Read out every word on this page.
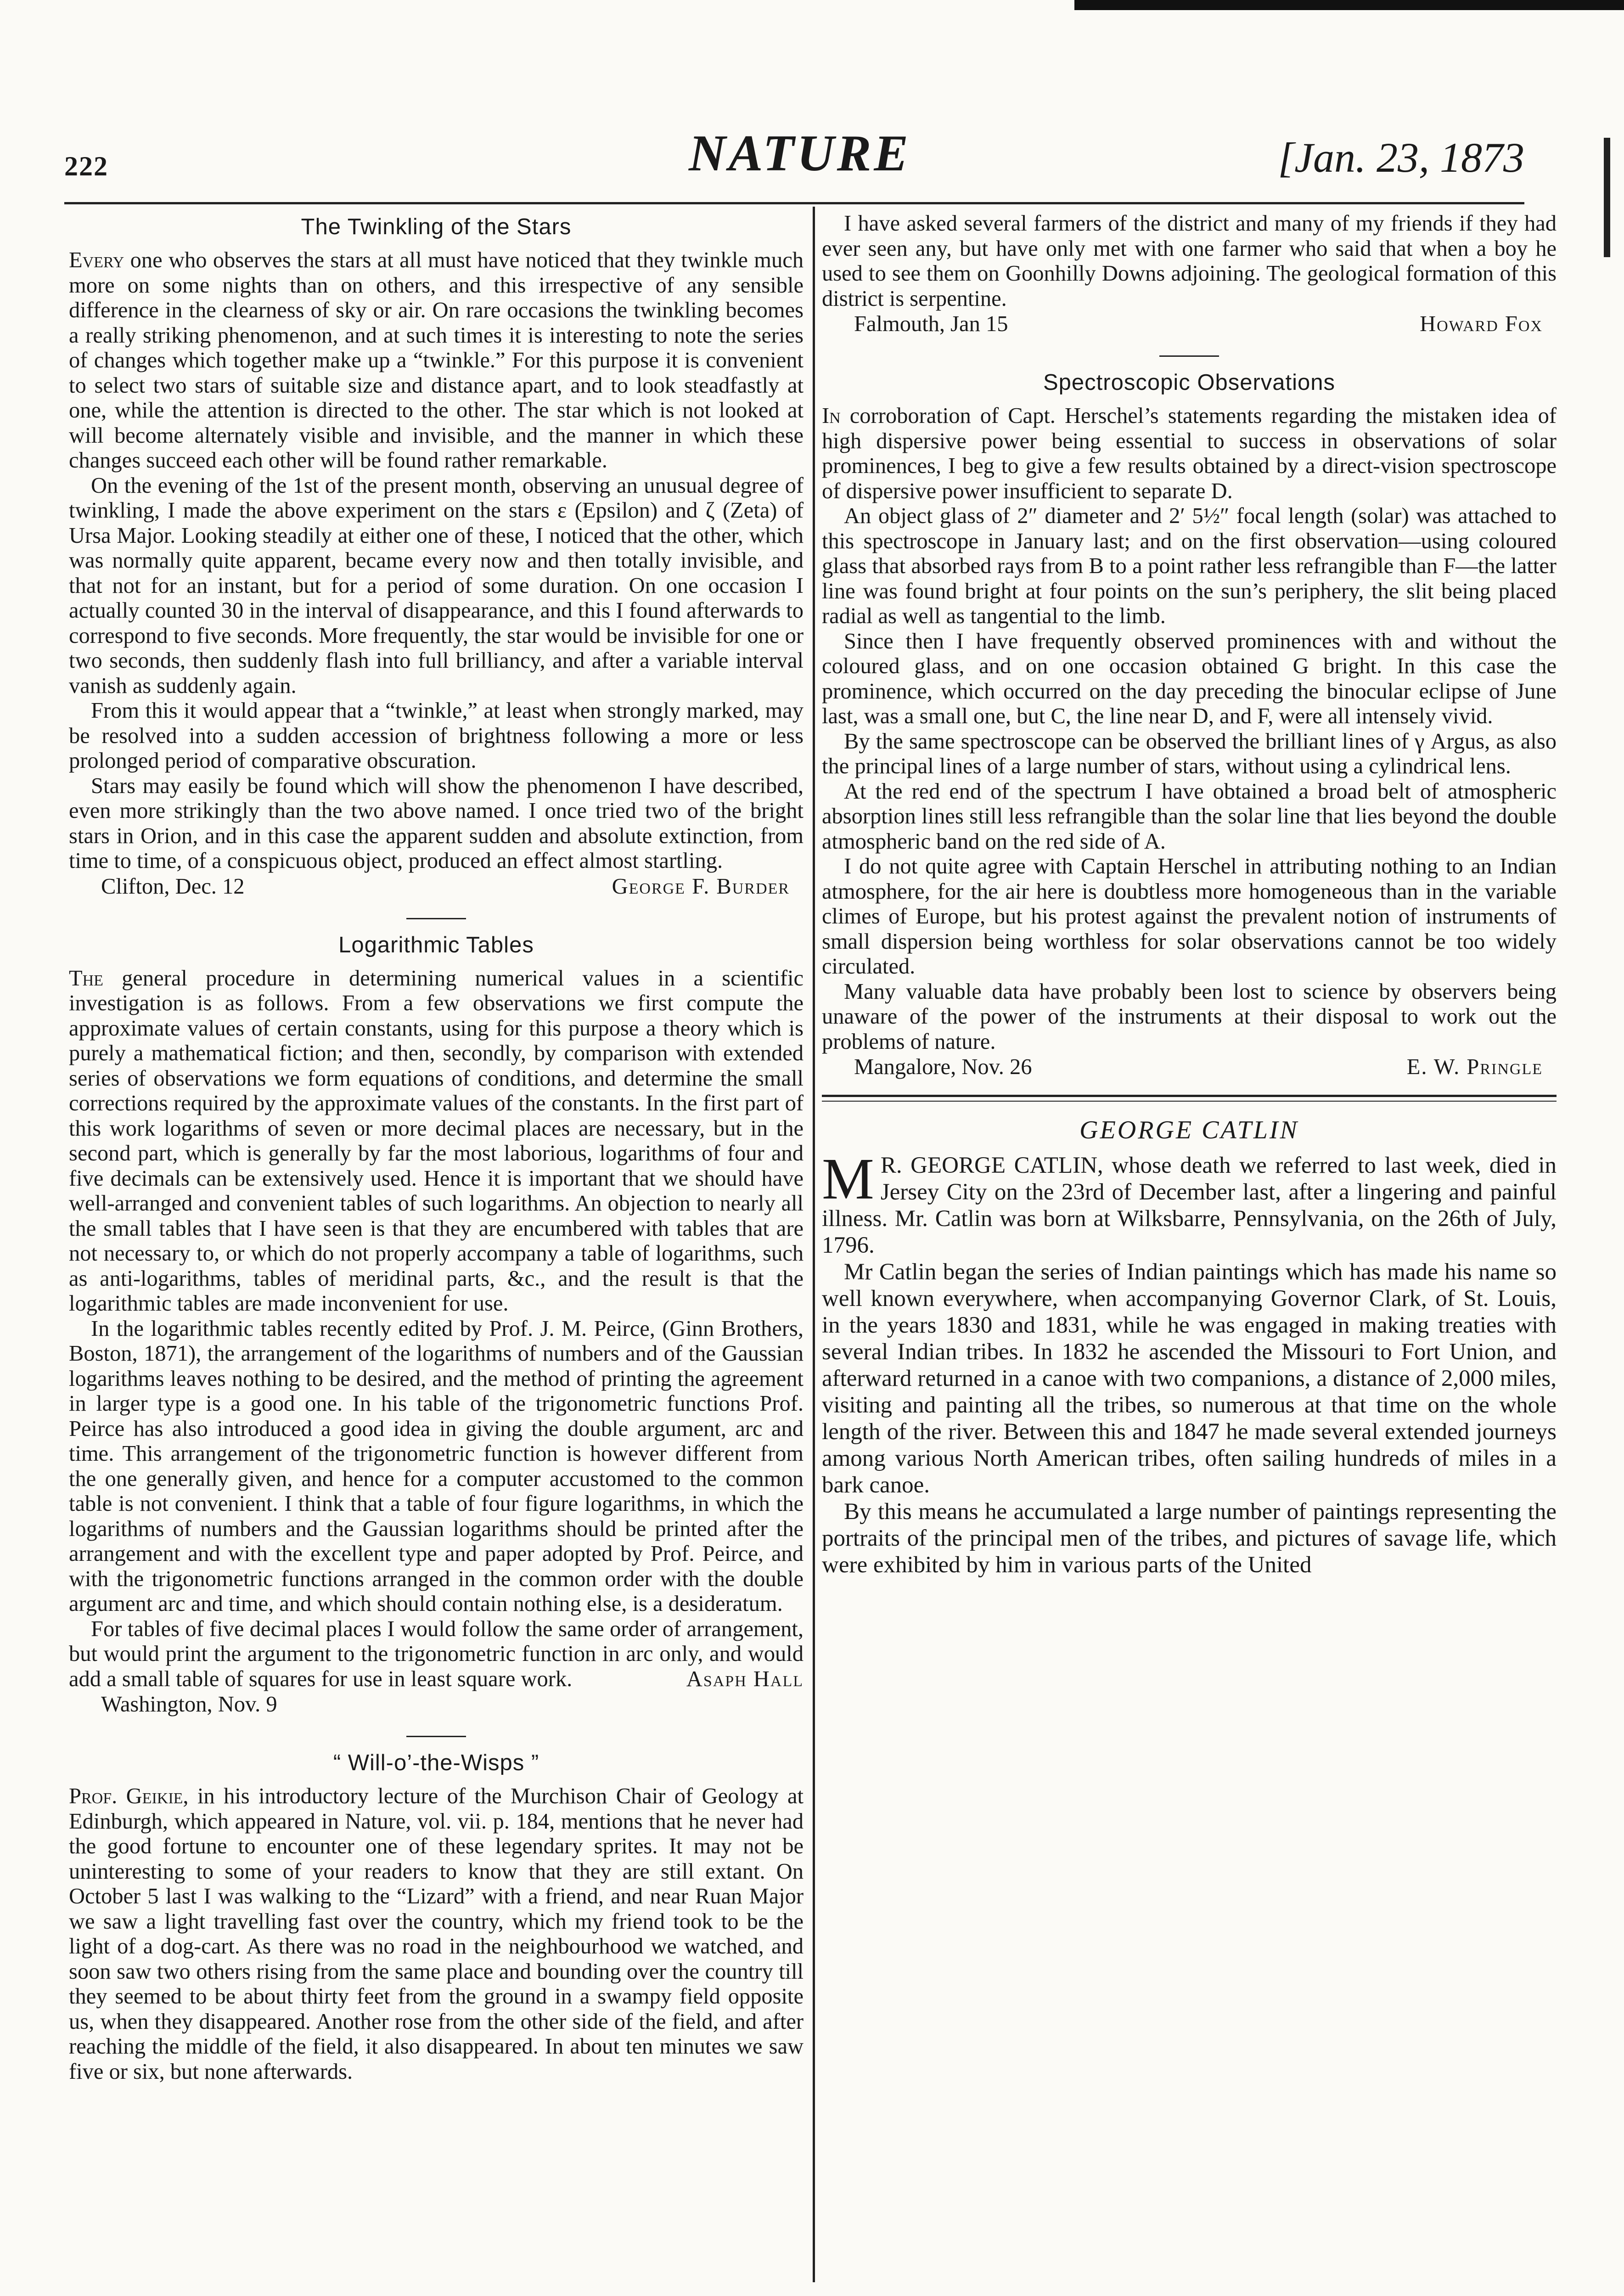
222	NATURE	[Jan. 23, 1873
The Twinkling of the Stars

Every one who observes the stars at all must have noticed that they twinkle much more on some nights than on others, and this irrespective of any sensible difference in the clearness of sky or air. On rare occasions the twinkling becomes a really striking phenomenon, and at such times it is interesting to note the series of changes which together make up a “twinkle.” For this purpose it is convenient to select two stars of suitable size and distance apart, and to look steadfastly at one, while the attention is directed to the other. The star which is not looked at will become alternately visible and invisible, and the manner in which these changes succeed each other will be found rather remarkable.

On the evening of the 1st of the present month, observing an unusual degree of twinkling, I made the above experiment on the stars ε (Epsilon) and ζ (Zeta) of Ursa Major. Looking steadily at either one of these, I noticed that the other, which was normally quite apparent, became every now and then totally invisible, and that not for an instant, but for a period of some duration. On one occasion I actually counted 30 in the interval of disappearance, and this I found afterwards to correspond to five seconds. More frequently, the star would be invisible for one or two seconds, then suddenly flash into full brilliancy, and after a variable interval vanish as suddenly again.

From this it would appear that a “twinkle,” at least when strongly marked, may be resolved into a sudden accession of brightness following a more or less prolonged period of comparative obscuration.

Stars may easily be found which will show the phenomenon I have described, even more strikingly than the two above named. I once tried two of the bright stars in Orion, and in this case the apparent sudden and absolute extinction, from time to time, of a conspicuous object, produced an effect almost startling.

Clifton, Dec. 12	George F. Burder
Logarithmic Tables

The general procedure in determining numerical values in a scientific investigation is as follows. From a few observations we first compute the approximate values of certain constants, using for this purpose a theory which is purely a mathematical fiction; and then, secondly, by comparison with extended series of observations we form equations of conditions, and determine the small corrections required by the approximate values of the constants. In the first part of this work logarithms of seven or more decimal places are necessary, but in the second part, which is generally by far the most laborious, logarithms of four and five decimals can be extensively used. Hence it is important that we should have well-arranged and convenient tables of such logarithms. An objection to nearly all the small tables that I have seen is that they are encumbered with tables that are not necessary to, or which do not properly accompany a table of logarithms, such as anti-logarithms, tables of meridinal parts, &c., and the result is that the logarithmic tables are made inconvenient for use.

In the logarithmic tables recently edited by Prof. J. M. Peirce, (Ginn Brothers, Boston, 1871), the arrangement of the logarithms of numbers and of the Gaussian logarithms leaves nothing to be desired, and the method of printing the agreement in larger type is a good one. In his table of the trigonometric functions Prof. Peirce has also introduced a good idea in giving the double argument, arc and time. This arrangement of the trigonometric function is however different from the one generally given, and hence for a computer accustomed to the common table is not convenient. I think that a table of four figure logarithms, in which the logarithms of numbers and the Gaussian logarithms should be printed after the arrangement and with the excellent type and paper adopted by Prof. Peirce, and with the trigonometric functions arranged in the common order with the double argument arc and time, and which should contain nothing else, is a desideratum.

For tables of five decimal places I would follow the same order of arrangement, but would print the argument to the trigonometric function in arc only, and would add a small table of squares for use in least square work.	Asaph Hall

Washington, Nov. 9
“ Will-o’-the-Wisps ”

Prof. Geikie, in his introductory lecture of the Murchison Chair of Geology at Edinburgh, which appeared in Nature, vol. vii. p. 184, mentions that he never had the good fortune to encounter one of these legendary sprites. It may not be uninteresting to some of your readers to know that they are still extant. On October 5 last I was walking to the “Lizard” with a friend, and near Ruan Major we saw a light travelling fast over the country, which my friend took to be the light of a dog-cart. As there was no road in the neighbourhood we watched, and soon saw two others rising from the same place and bounding over the country till they seemed to be about thirty feet from the ground in a swampy field opposite us, when they disappeared. Another rose from the other side of the field, and after reaching the middle of the field, it also disappeared. In about ten minutes we saw five or six, but none afterwards.

I have asked several farmers of the district and many of my friends if they had ever seen any, but have only met with one farmer who said that when a boy he used to see them on Goonhilly Downs adjoining. The geological formation of this district is serpentine.

Falmouth, Jan 15	Howard Fox
Spectroscopic Observations

In corroboration of Capt. Herschel’s statements regarding the mistaken idea of high dispersive power being essential to success in observations of solar prominences, I beg to give a few results obtained by a direct-vision spectroscope of dispersive power insufficient to separate D.

An object glass of 2″ diameter and 2′ 5½″ focal length (solar) was attached to this spectroscope in January last; and on the first observation—using coloured glass that absorbed rays from B to a point rather less refrangible than F—the latter line was found bright at four points on the sun’s periphery, the slit being placed radial as well as tangential to the limb.

Since then I have frequently observed prominences with and without the coloured glass, and on one occasion obtained G bright. In this case the prominence, which occurred on the day preceding the binocular eclipse of June last, was a small one, but C, the line near D, and F, were all intensely vivid.

By the same spectroscope can be observed the brilliant lines of γ Argus, as also the principal lines of a large number of stars, without using a cylindrical lens.

At the red end of the spectrum I have obtained a broad belt of atmospheric absorption lines still less refrangible than the solar line that lies beyond the double atmospheric band on the red side of A.

I do not quite agree with Captain Herschel in attributing nothing to an Indian atmosphere, for the air here is doubtless more homogeneous than in the variable climes of Europe, but his protest against the prevalent notion of instruments of small dispersion being worthless for solar observations cannot be too widely circulated.

Many valuable data have probably been lost to science by observers being unaware of the power of the instruments at their disposal to work out the problems of nature.

Mangalore, Nov. 26	E. W. Pringle
GEORGE CATLIN

M R. GEORGE CATLIN, whose death we referred to last week, died in Jersey City on the 23rd of December last, after a lingering and painful illness. Mr. Catlin was born at Wilksbarre, Pennsylvania, on the 26th of July, 1796.

Mr Catlin began the series of Indian paintings which has made his name so well known everywhere, when accompanying Governor Clark, of St. Louis, in the years 1830 and 1831, while he was engaged in making treaties with several Indian tribes. In 1832 he ascended the Missouri to Fort Union, and afterward returned in a canoe with two companions, a distance of 2,000 miles, visiting and painting all the tribes, so numerous at that time on the whole length of the river. Between this and 1847 he made several extended journeys among various North American tribes, often sailing hundreds of miles in a bark canoe.

By this means he accumulated a large number of paintings representing the portraits of the principal men of the tribes, and pictures of savage life, which were exhibited by him in various parts of the United
